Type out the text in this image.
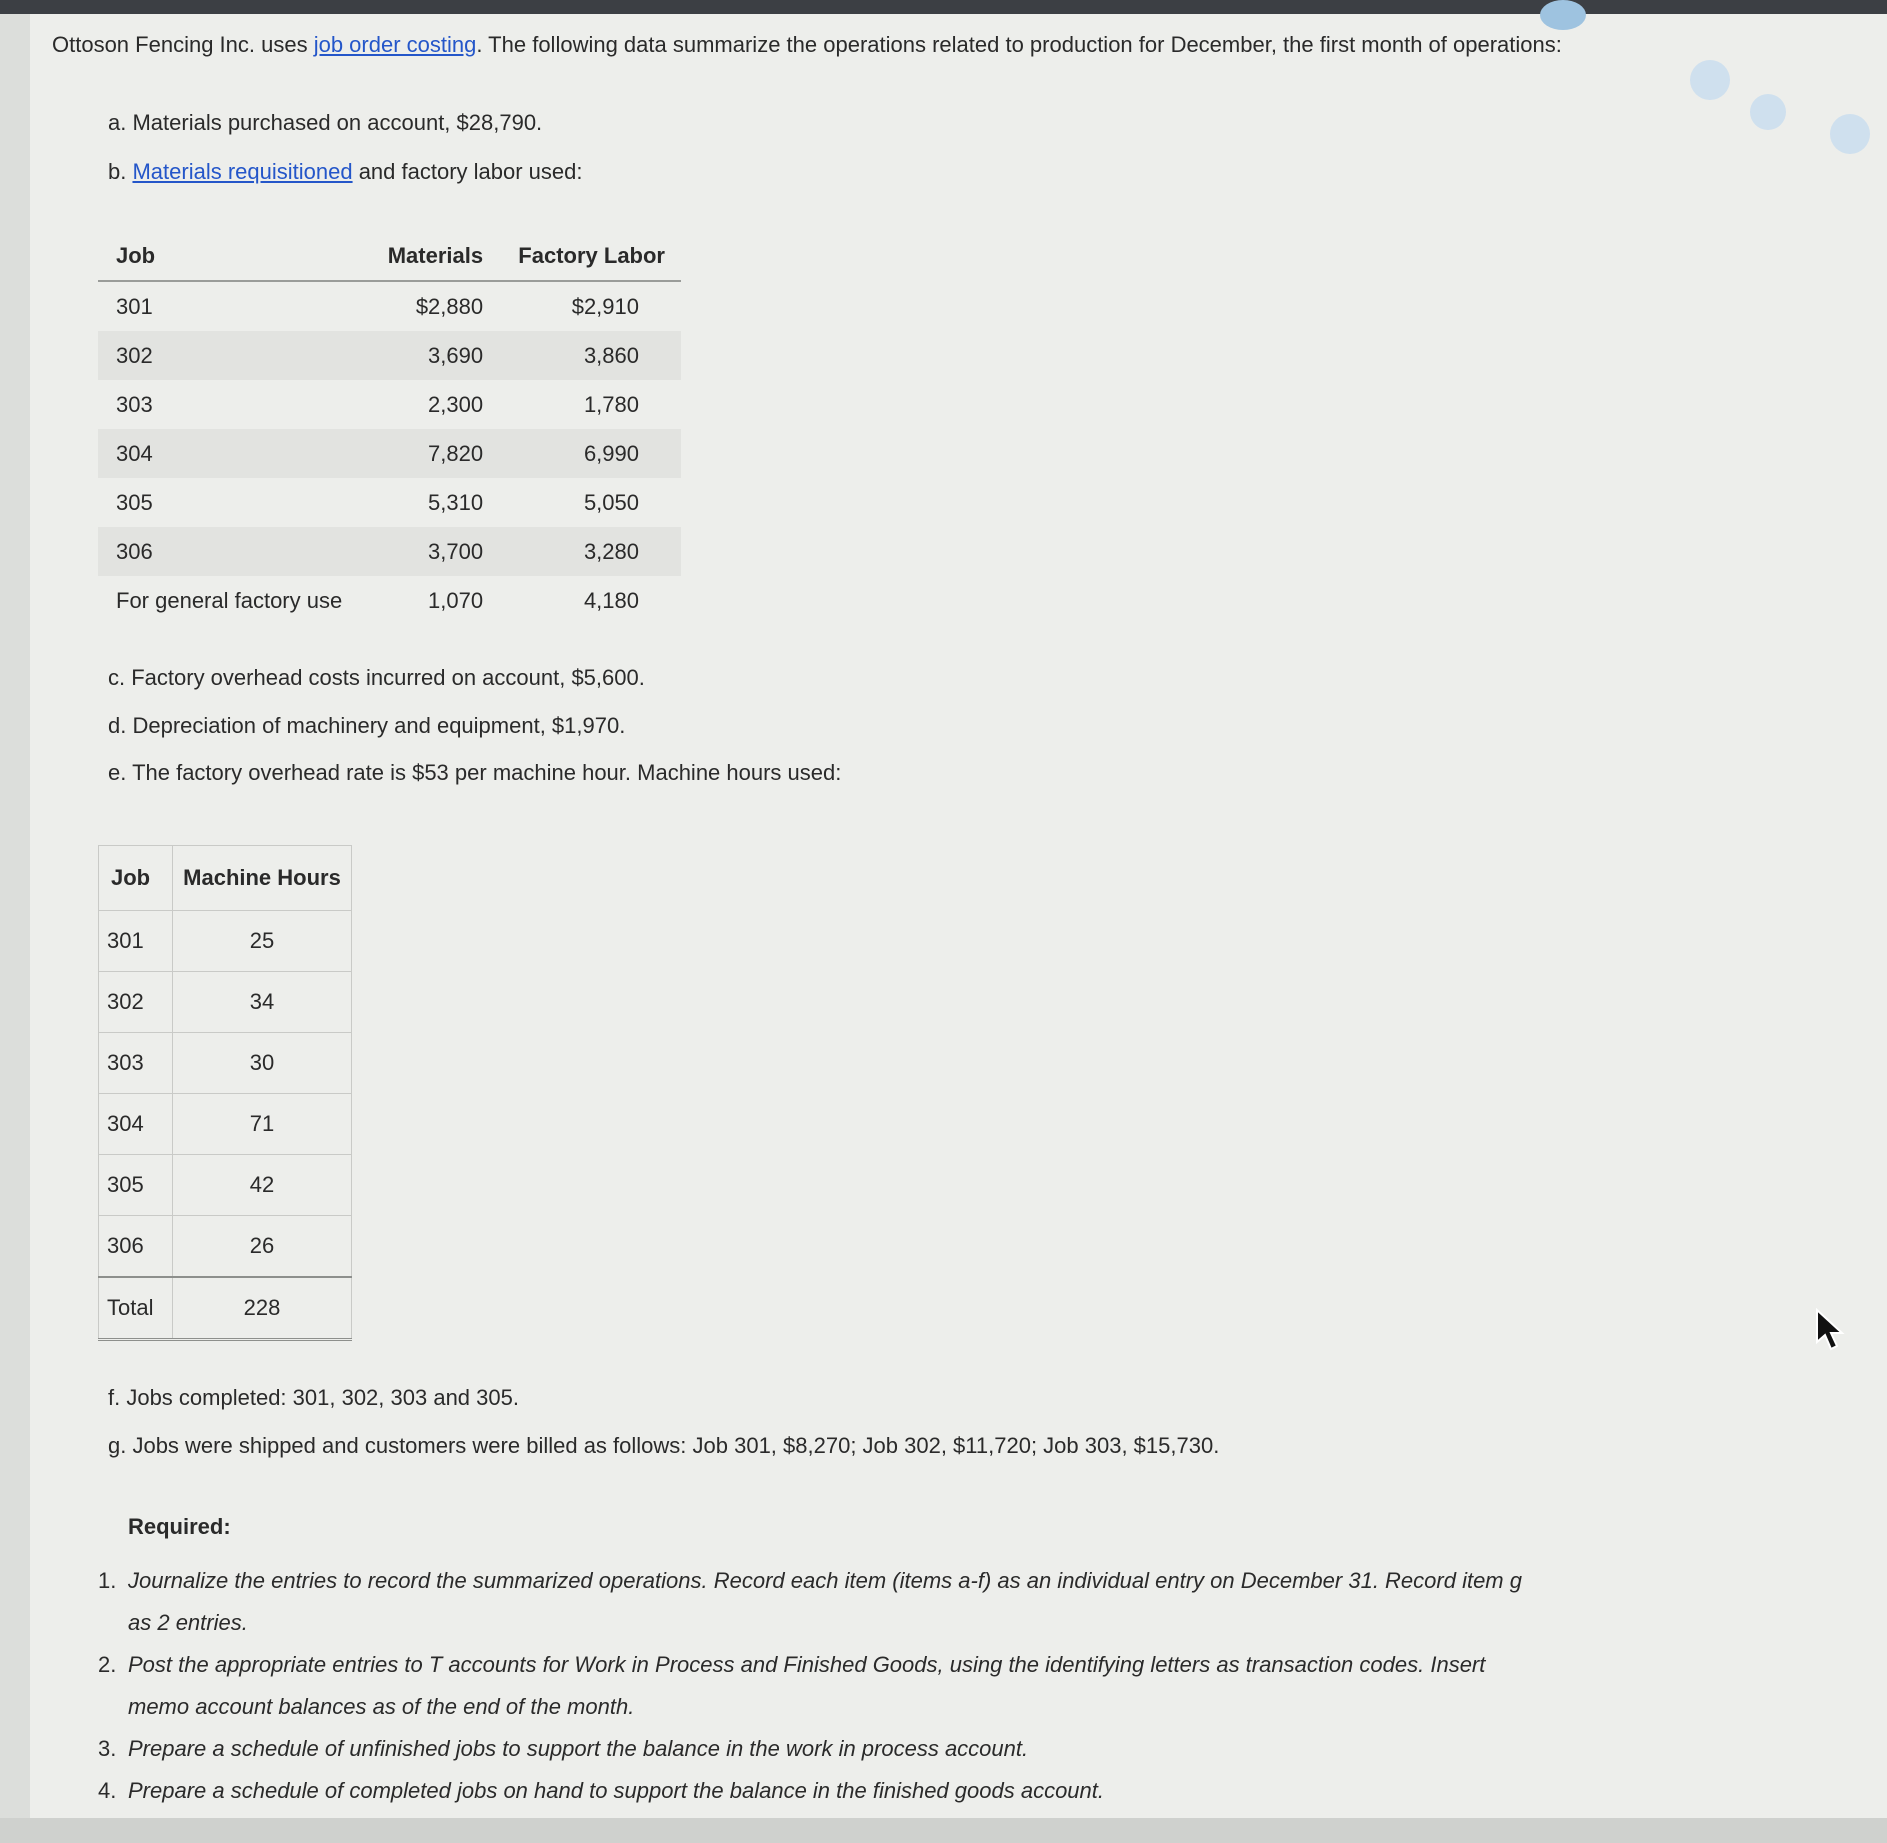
Ottoson Fencing Inc. uses job order costing. The following data summarize the operations related to production for December, the first month of operations:
a. Materials purchased on account, $28,790.
b. Materials requisitioned and factory labor used:
Job	Materials	Factory Labor
301	$2,880	$2,910
302	3,690	3,860
303	2,300	1,780
304	7,820	6,990
305	5,310	5,050
306	3,700	3,280
For general factory use	1,070	4,180
c. Factory overhead costs incurred on account, $5,600.
d. Depreciation of machinery and equipment, $1,970.
e. The factory overhead rate is $53 per machine hour. Machine hours used:
Job	Machine Hours
301	25
302	34
303	30
304	71
305	42
306	26
Total	228
f. Jobs completed: 301, 302, 303 and 305.
g. Jobs were shipped and customers were billed as follows: Job 301, $8,270; Job 302, $11,720; Job 303, $15,730.
Required:
1. Journalize the entries to record the summarized operations. Record each item (items a-f) as an individual entry on December 31. Record item g as 2 entries.
2. Post the appropriate entries to T accounts for Work in Process and Finished Goods, using the identifying letters as transaction codes. Insert memo account balances as of the end of the month.
3. Prepare a schedule of unfinished jobs to support the balance in the work in process account.
4. Prepare a schedule of completed jobs on hand to support the balance in the finished goods account.
